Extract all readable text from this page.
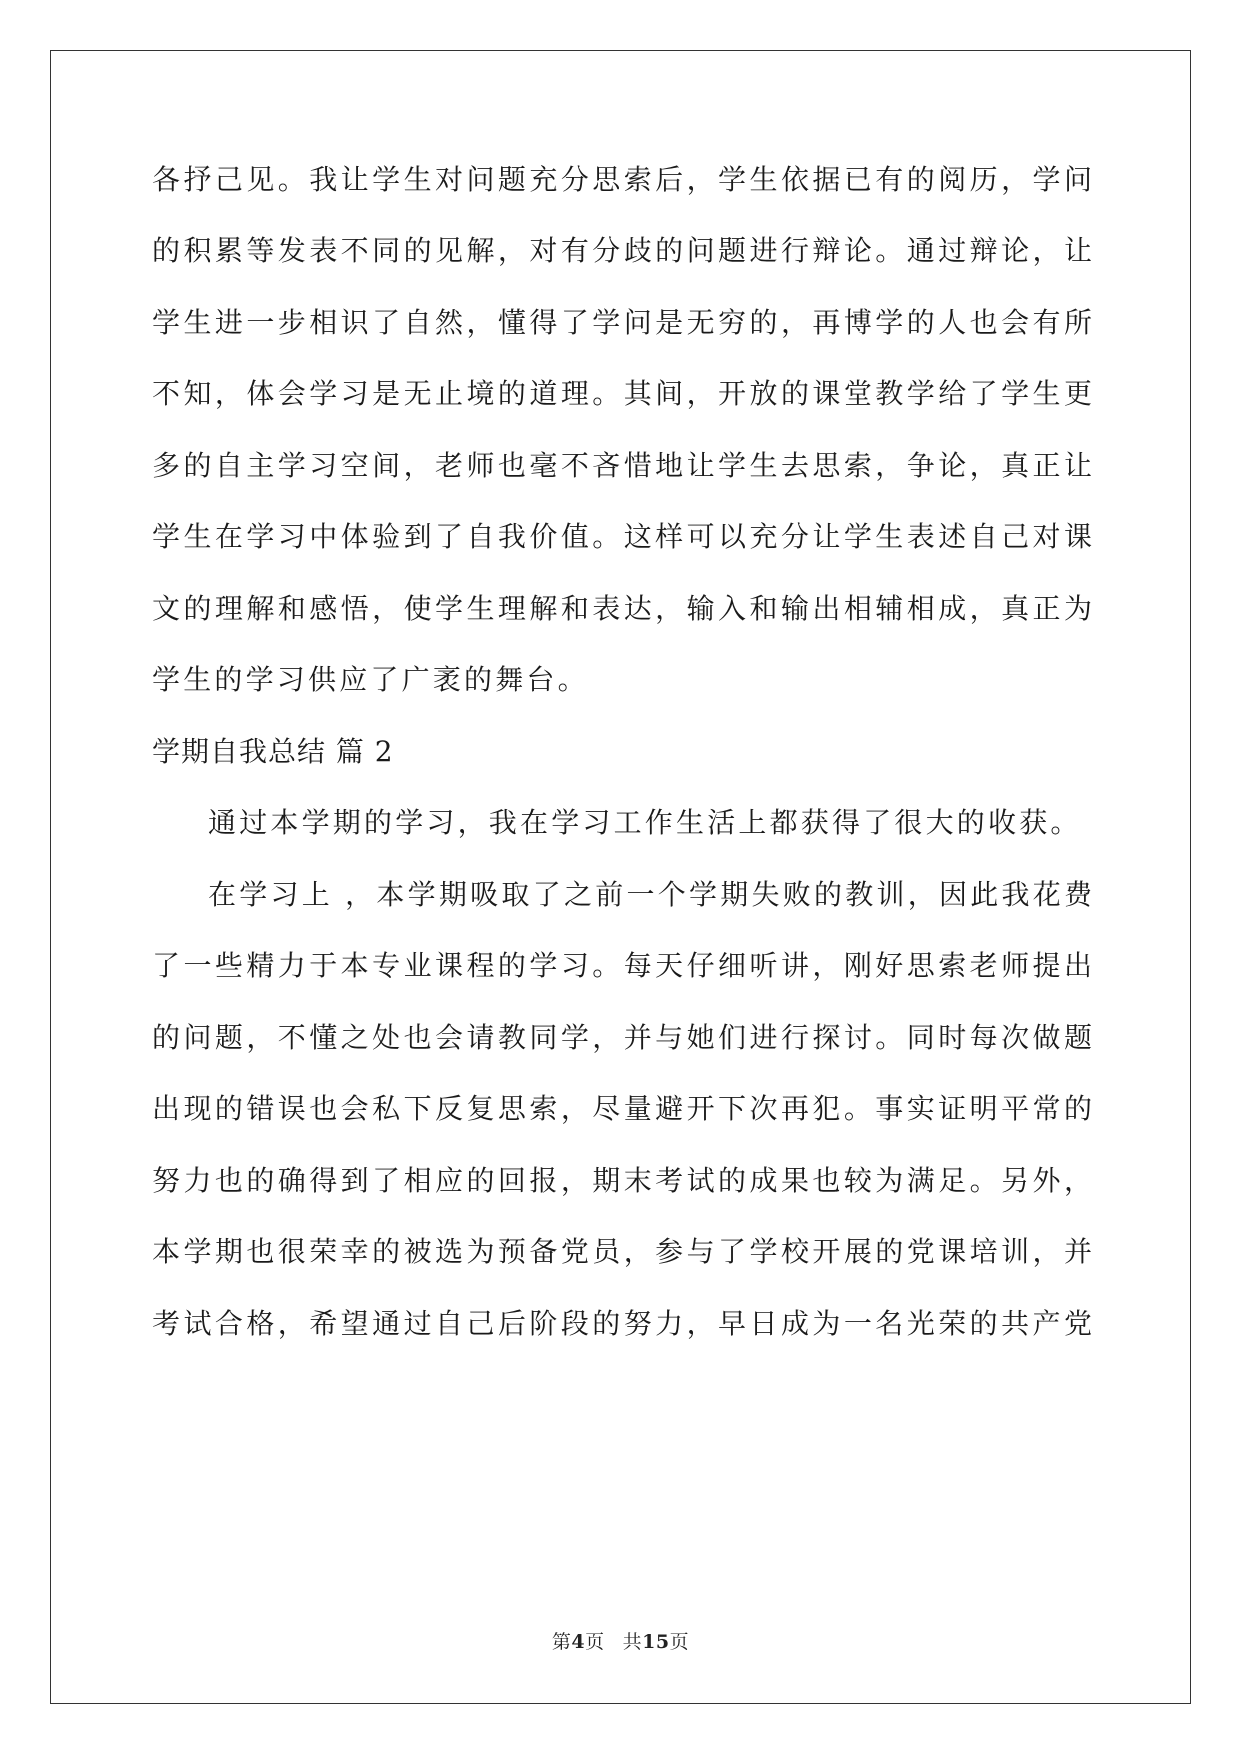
各抒己见。我让学生对问题充分思索后，学生依据已有的阅历，学问
的积累等发表不同的见解，对有分歧的问题进行辩论。通过辩论，让
学生进一步相识了自然，懂得了学问是无穷的，再博学的人也会有所
不知，体会学习是无止境的道理。其间，开放的课堂教学给了学生更
多的自主学习空间，老师也毫不吝惜地让学生去思索，争论，真正让
学生在学习中体验到了自我价值。这样可以充分让学生表述自己对课
文的理解和感悟，使学生理解和表达，输入和输出相辅相成，真正为
学生的学习供应了广袤的舞台。
学期自我总结 篇 2
通过本学期的学习，我在学习工作生活上都获得了很大的收获。
在学习上 ，本学期吸取了之前一个学期失败的教训，因此我花费
了一些精力于本专业课程的学习。每天仔细听讲，刚好思索老师提出
的问题，不懂之处也会请教同学，并与她们进行探讨。同时每次做题
出现的错误也会私下反复思索，尽量避开下次再犯。事实证明平常的
努力也的确得到了相应的回报，期末考试的成果也较为满足。另外，
本学期也很荣幸的被选为预备党员，参与了学校开展的党课培训，并
考试合格，希望通过自己后阶段的努力，早日成为一名光荣的共产党
第4页 共15页
